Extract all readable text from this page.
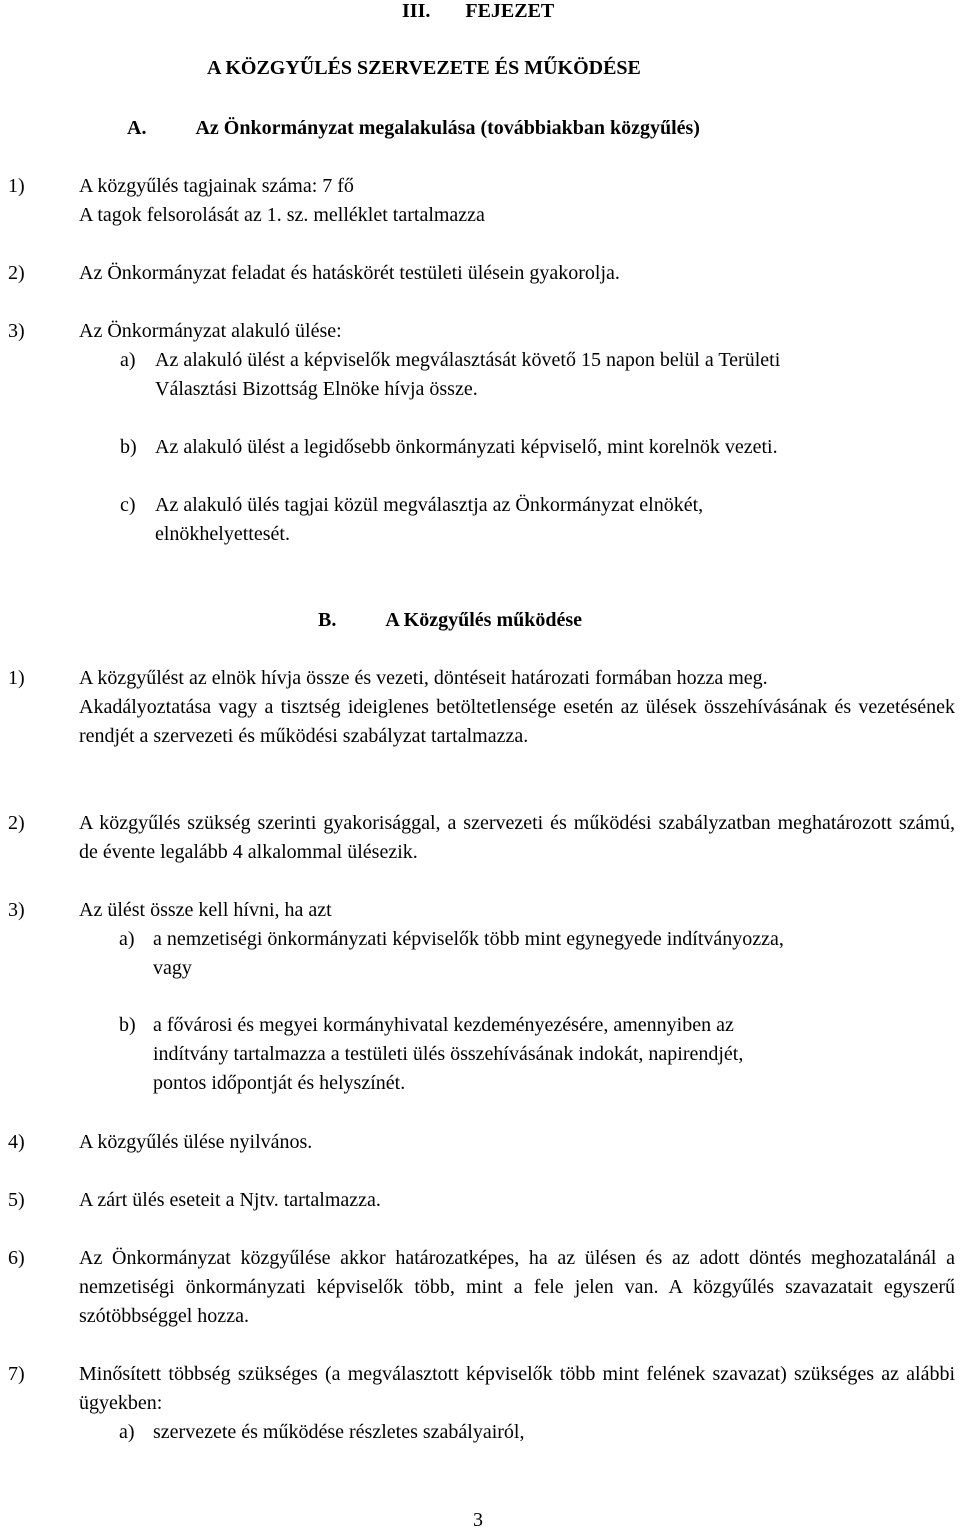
III. FEJEZET
A KÖZGYŰLÉS SZERVEZETE ÉS MŰKÖDÉSE
A. Az Önkormányzat megalakulása (továbbiakban közgyűlés)
1)	A közgyűlés tagjainak száma: 7 fő
A tagok felsorolását az 1. sz. melléklet tartalmazza
2)	Az Önkormányzat feladat és hatáskörét testületi ülésein gyakorolja.
3)	Az Önkormányzat alakuló ülése:
a) Az alakuló ülést a képviselők megválasztását követő 15 napon belül a Területi
Választási Bizottság Elnöke hívja össze.
b) Az alakuló ülést a legidősebb önkormányzati képviselő, mint korelnök vezeti.
c) Az alakuló ülés tagjai közül megválasztja az Önkormányzat elnökét,
elnökhelyettesét.
B. A Közgyűlés működése
1)	A közgyűlést az elnök hívja össze és vezeti, döntéseit határozati formában hozza meg.
Akadályoztatása vagy a tisztség ideiglenes betöltetlensége esetén az ülések összehívásának és vezetésének rendjét a szervezeti és működési szabályzat tartalmazza.
2)	A közgyűlés szükség szerinti gyakorisággal, a szervezeti és működési szabályzatban meghatározott számú, de évente legalább 4 alkalommal ülésezik.
3)	Az ülést össze kell hívni, ha azt
a) a nemzetiségi önkormányzati képviselők több mint egynegyede indítványozza,
vagy
b) a fővárosi és megyei kormányhivatal kezdeményezésére, amennyiben az
indítvány tartalmazza a testületi ülés összehívásának indokát, napirendjét,
pontos időpontját és helyszínét.
4)	A közgyűlés ülése nyilvános.
5)	A zárt ülés eseteit a Njtv. tartalmazza.
6)	Az Önkormányzat közgyűlése akkor határozatképes, ha az ülésen és az adott döntés meghozatalánál a nemzetiségi önkormányzati képviselők több, mint a fele jelen van. A közgyűlés szavazatait egyszerű szótöbbséggel hozza.
7)	Minősített többség szükséges (a megválasztott képviselők több mint felének szavazat) szükséges az alábbi ügyekben:
a) szervezete és működése részletes szabályairól,
3
